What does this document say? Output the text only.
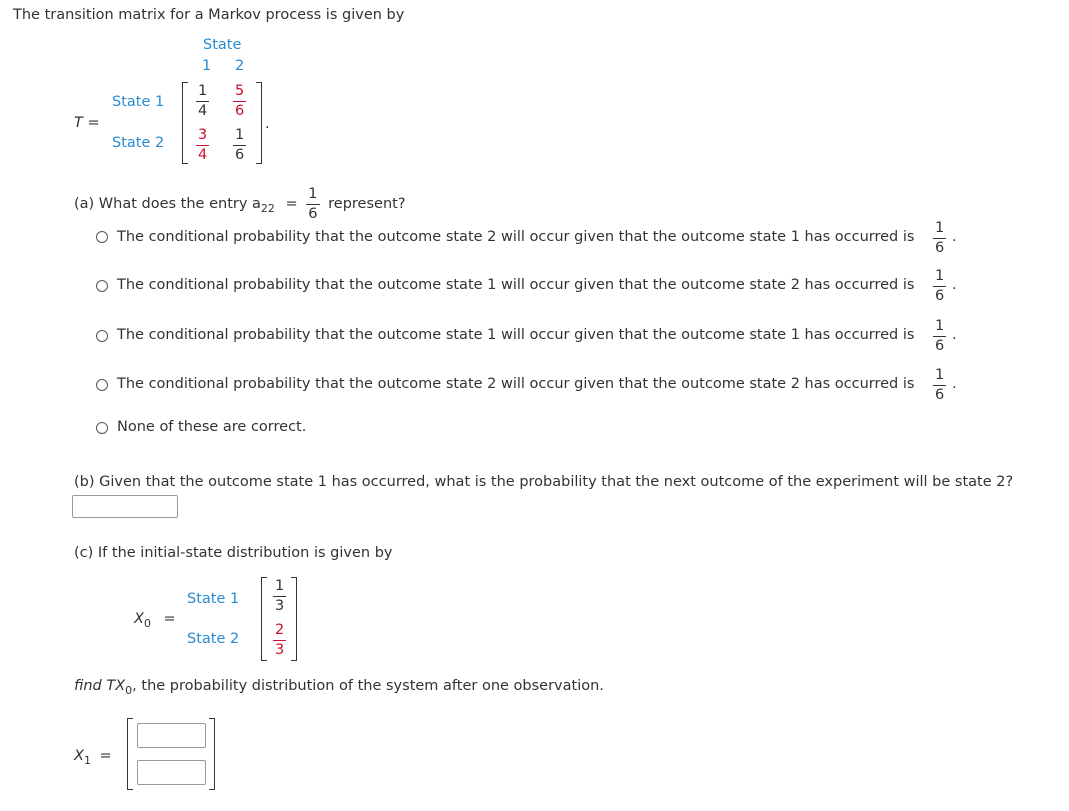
The transition matrix for a Markov process is given by
State
1 2
State 1
State 2
T =
$\frac{1}{4} \frac{5}{6}$
$\frac{3}{4} \frac{1}{6}$
.
(a) What does the entry $a_{22} = \frac{1}{6}$ represent?
The conditional probability that the outcome state 2 will occur given that the outcome state 1 has occurred is $\frac{1}{6}$ .
The conditional probability that the outcome state 1 will occur given that the outcome state 2 has occurred is $\frac{1}{6}$ .
The conditional probability that the outcome state 1 will occur given that the outcome state 1 has occurred is $\frac{1}{6}$ .
The conditional probability that the outcome state 2 will occur given that the outcome state 2 has occurred is $\frac{1}{6}$ .
None of these are correct.
(b) Given that the outcome state 1 has occurred, what is the probability that the next outcome of the experiment will be state 2?
(c) If the initial-state distribution is given by
$X_0$ =
State 1
State 2
$\frac{1}{3}$
$\frac{2}{3}$
find $TX_0$, the probability distribution of the system after one observation.
$X_1$ =
